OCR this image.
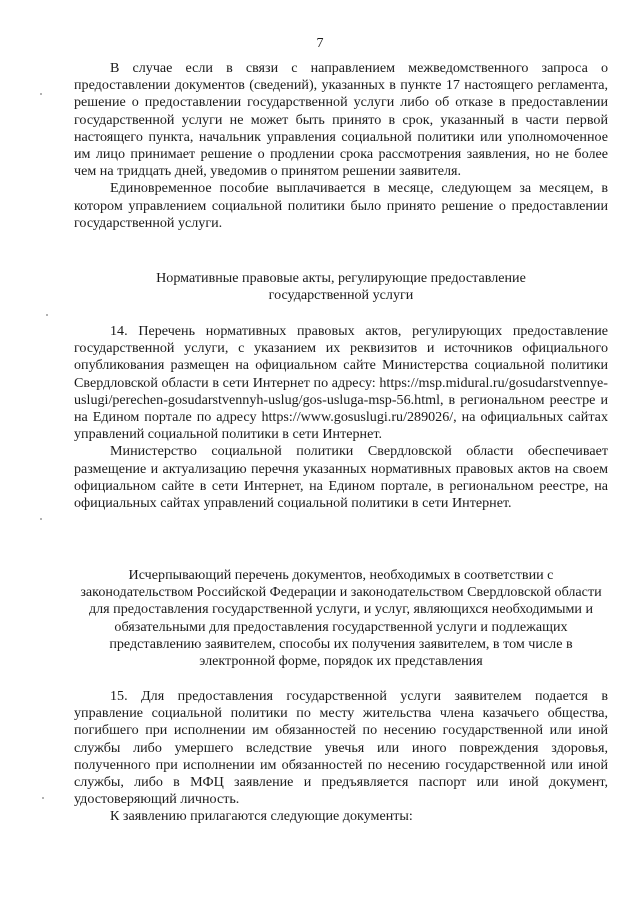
7

В случае если в связи с направлением межведомственного запроса о предоставлении документов (сведений), указанных в пункте 17 настоящего регламента, решение о предоставлении государственной услуги либо об отказе в предоставлении государственной услуги не может быть принято в срок, указанный в части первой настоящего пункта, начальник управления социальной политики или уполномоченное им лицо принимает решение о продлении срока рассмотрения заявления, но не более чем на тридцать дней, уведомив о принятом решении заявителя.

Единовременное пособие выплачивается в месяце, следующем за месяцем, в котором управлением социальной политики было принято решение о предоставлении государственной услуги.

Нормативные правовые акты, регулирующие предоставление государственной услуги

14. Перечень нормативных правовых актов, регулирующих предоставление государственной услуги, с указанием их реквизитов и источников официального опубликования размещен на официальном сайте Министерства социальной политики Свердловской области в сети Интернет по адресу: https://msp.midural.ru/gosudarstvennye-uslugi/perechen-gosudarstvennyh-uslug/gos-usluga-msp-56.html, в региональном реестре и на Едином портале по адресу https://www.gosuslugi.ru/289026/, на официальных сайтах управлений социальной политики в сети Интернет.

Министерство социальной политики Свердловской области обеспечивает размещение и актуализацию перечня указанных нормативных правовых актов на своем официальном сайте в сети Интернет, на Едином портале, в региональном реестре, на официальных сайтах управлений социальной политики в сети Интернет.

Исчерпывающий перечень документов, необходимых в соответствии с законодательством Российской Федерации и законодательством Свердловской области для предоставления государственной услуги, и услуг, являющихся необходимыми и обязательными для предоставления государственной услуги и подлежащих представлению заявителем, способы их получения заявителем, в том числе в электронной форме, порядок их представления

15. Для предоставления государственной услуги заявителем подается в управление социальной политики по месту жительства члена казачьего общества, погибшего при исполнении им обязанностей по несению государственной или иной службы либо умершего вследствие увечья или иного повреждения здоровья, полученного при исполнении им обязанностей по несению государственной или иной службы, либо в МФЦ заявление и предъявляется паспорт или иной документ, удостоверяющий личность.

К заявлению прилагаются следующие документы:
